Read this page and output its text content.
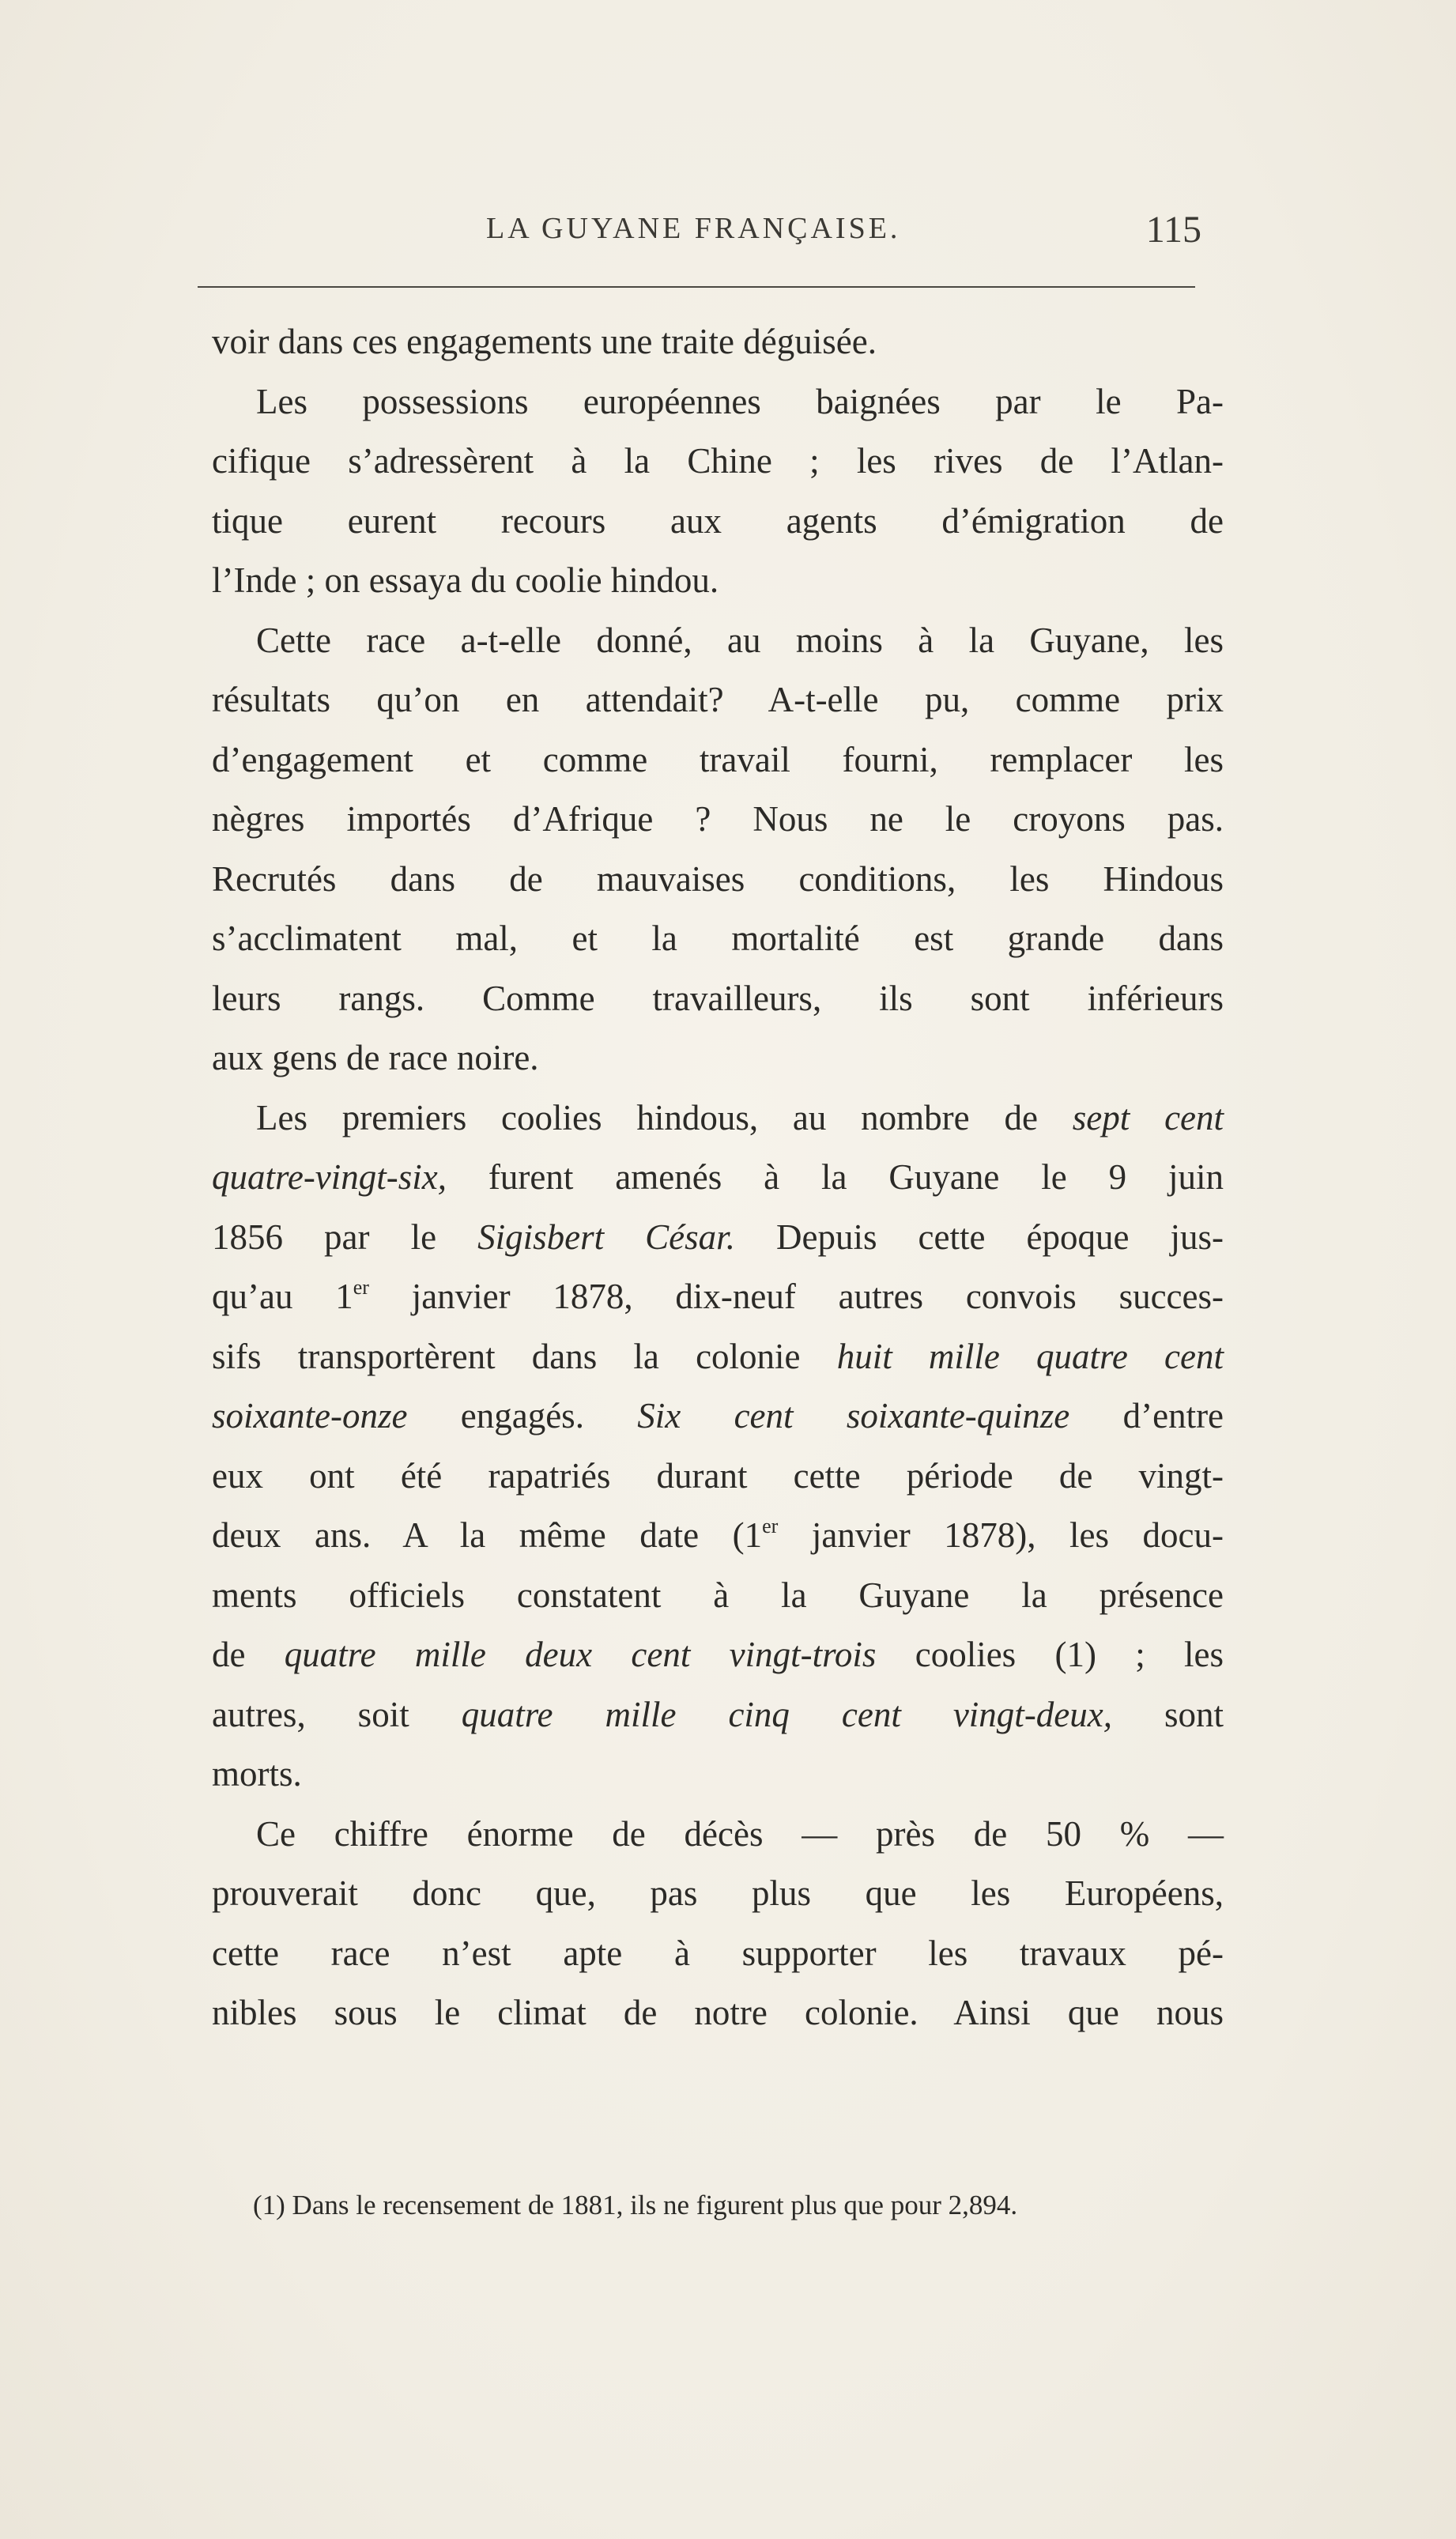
LA GUYANE FRANÇAISE.	115
voir dans ces engagements une traite déguisée.
Les possessions européennes baignées par le Pa-
cifique s’adressèrent à la Chine ; les rives de l’Atlan-
tique eurent recours aux agents d’émigration de
l’Inde ; on essaya du coolie hindou.
Cette race a-t-elle donné, au moins à la Guyane, les
résultats qu’on en attendait? A-t-elle pu, comme prix
d’engagement et comme travail fourni, remplacer les
nègres importés d’Afrique ? Nous ne le croyons pas.
Recrutés dans de mauvaises conditions, les Hindous
s’acclimatent mal, et la mortalité est grande dans
leurs rangs. Comme travailleurs, ils sont inférieurs
aux gens de race noire.
Les premiers coolies hindous, au nombre de sept cent
quatre-vingt-six, furent amenés à la Guyane le 9 juin
1856 par le Sigisbert César. Depuis cette époque jus-
qu’au 1er janvier 1878, dix-neuf autres convois succes-
sifs transportèrent dans la colonie huit mille quatre cent
soixante-onze engagés. Six cent soixante-quinze d’entre
eux ont été rapatriés durant cette période de vingt-
deux ans. A la même date (1er janvier 1878), les docu-
ments officiels constatent à la Guyane la présence
de quatre mille deux cent vingt-trois coolies (1) ; les
autres, soit quatre mille cinq cent vingt-deux, sont
morts.
Ce chiffre énorme de décès — près de 50 % —
prouverait donc que, pas plus que les Européens,
cette race n’est apte à supporter les travaux pé-
nibles sous le climat de notre colonie. Ainsi que nous
(1) Dans le recensement de 1881, ils ne figurent plus que pour 2,894.
